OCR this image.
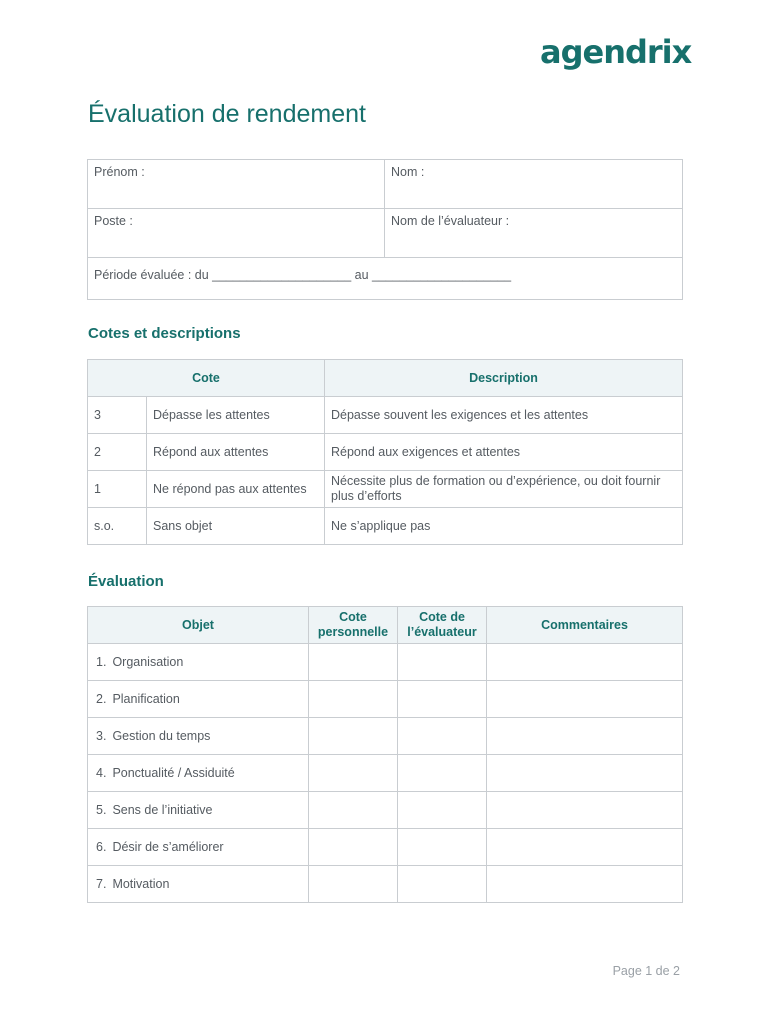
agendrix
Évaluation de rendement
Prénom :	Nom :
Poste :	Nom de l’évaluateur :
Période évaluée : du ____________________ au ____________________	
Cotes et descriptions
Cote		Description
3	Dépasse les attentes	Dépasse souvent les exigences et les attentes
2	Répond aux attentes	Répond aux exigences et attentes
1	Ne répond pas aux attentes	Nécessite plus de formation ou d’expérience, ou doit fournir plus d’efforts
s.o.	Sans objet	Ne s’applique pas
Évaluation
Objet	Cote personnelle	Cote de l’évaluateur	Commentaires
1. Organisation			
2. Planification			
3. Gestion du temps			
4. Ponctualité / Assiduité			
5. Sens de l’initiative			
6. Désir de s’améliorer			
7. Motivation			
Page 1 de 2
